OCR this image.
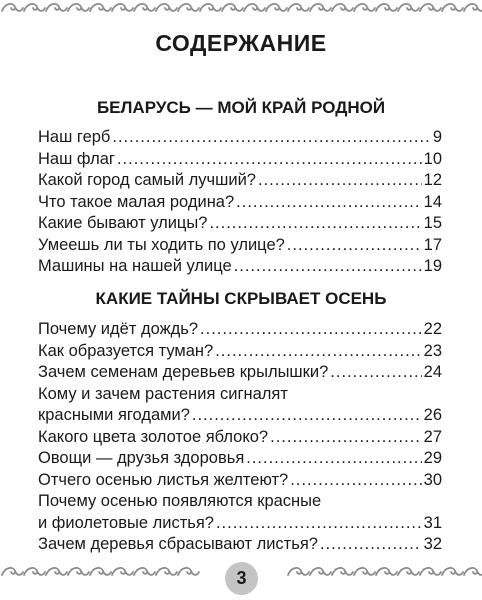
СОДЕРЖАНИЕ
БЕЛАРУСЬ — МОЙ КРАЙ РОДНОЙ
Наш герб .....	9
Наш флаг .....	10
Какой город самый лучший? .....	12
Что такое малая родина? .....	14
Какие бывают улицы? .....	15
Умеешь ли ты ходить по улице? .....	17
Машины на нашей улице .....	19
КАКИЕ ТАЙНЫ СКРЫВАЕТ ОСЕНЬ
Почему идёт дождь? .....	22
Как образуется туман? .....	23
Зачем семенам деревьев крылышки? .....	24
Кому и зачем растения сигналят
красными ягодами? .....	26
Какого цвета золотое яблоко? .....	27
Овощи — друзья здоровья .....	29
Отчего осенью листья желтеют? .....	30
Почему осенью появляются красные
и фиолетовые листья? .....	31
Зачем деревья сбрасывают листья? .....	32
3
